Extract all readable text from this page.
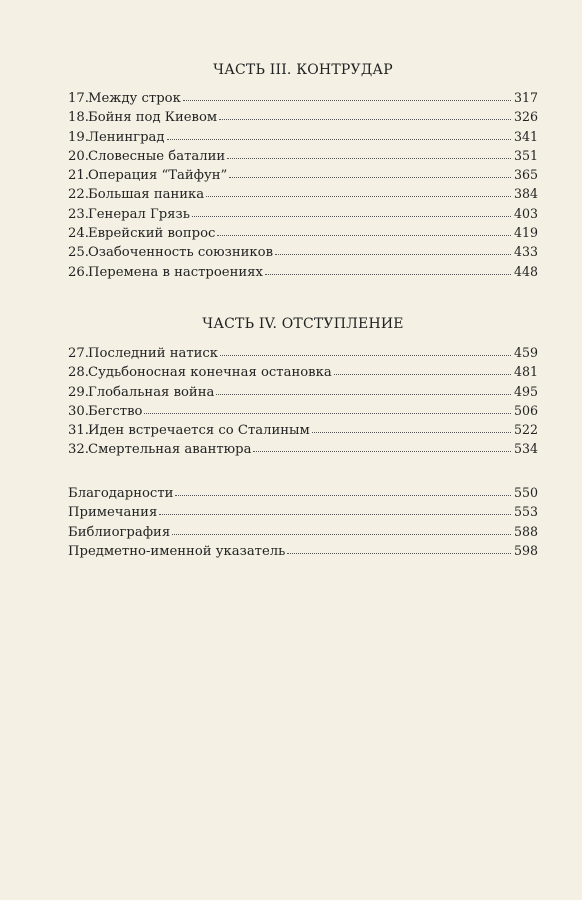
ЧАСТЬ III. КОНТРУДАР
17. Между строк	317
18. Бойня под Киевом	326
19. Ленинград	341
20. Словесные баталии	351
21. Операция “Тайфун”	365
22. Большая паника	384
23. Генерал Грязь	403
24. Еврейский вопрос	419
25. Озабоченность союзников	433
26. Перемена в настроениях	448
ЧАСТЬ IV. ОТСТУПЛЕНИЕ
27. Последний натиск	459
28. Судьбоносная конечная остановка	481
29. Глобальная война	495
30. Бегство	506
31. Иден встречается со Сталиным	522
32. Смертельная авантюра	534
Благодарности	550
Примечания	553
Библиография	588
Предметно-именной указатель	598
